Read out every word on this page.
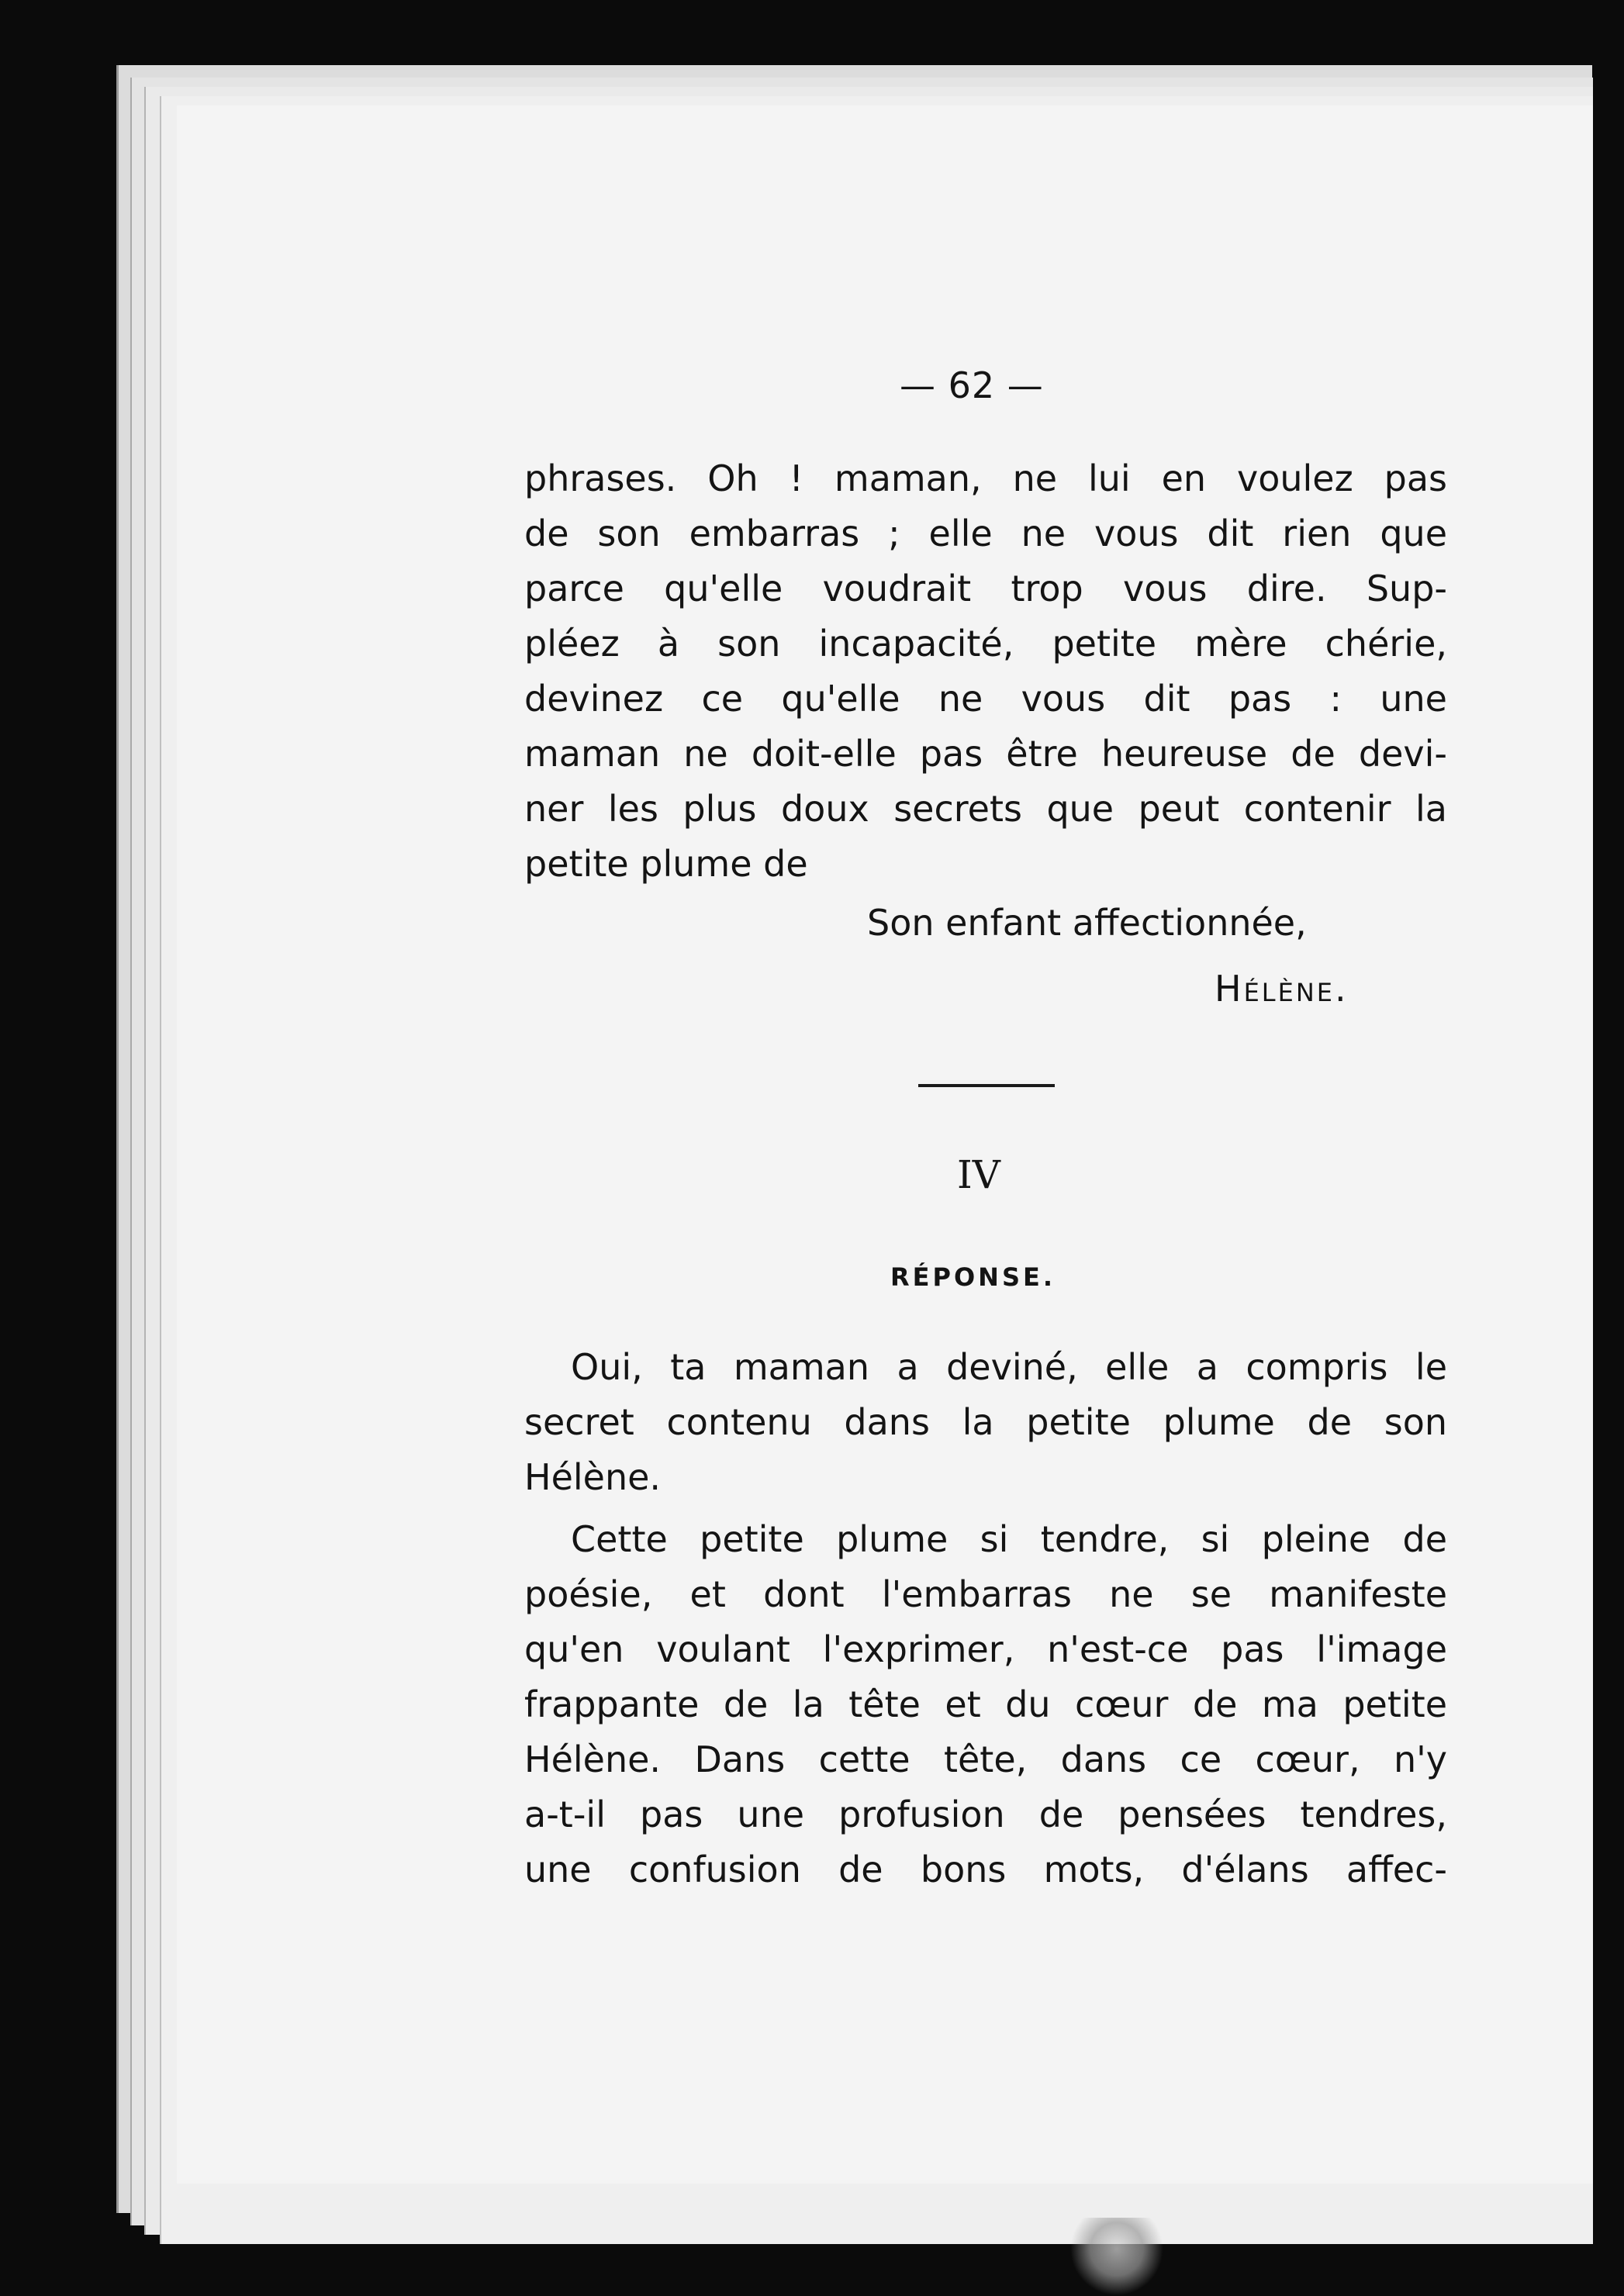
— 62 —
phrases. Oh ! maman, ne lui en voulez pas
de son embarras ; elle ne vous dit rien que
parce qu'elle voudrait trop vous dire. Sup-
pléez à son incapacité, petite mère chérie,
devinez ce qu'elle ne vous dit pas : une
maman ne doit-elle pas être heureuse de devi-
ner les plus doux secrets que peut contenir la
petite plume de
Son enfant affectionnée,
Hélène.
IV
RÉPONSE.
Oui, ta maman a deviné, elle a compris le
secret contenu dans la petite plume de son
Hélène.
Cette petite plume si tendre, si pleine de
poésie, et dont l'embarras ne se manifeste
qu'en voulant l'exprimer, n'est-ce pas l'image
frappante de la tête et du cœur de ma petite
Hélène. Dans cette tête, dans ce cœur, n'y
a-t-il pas une profusion de pensées tendres,
une confusion de bons mots, d'élans affec-
